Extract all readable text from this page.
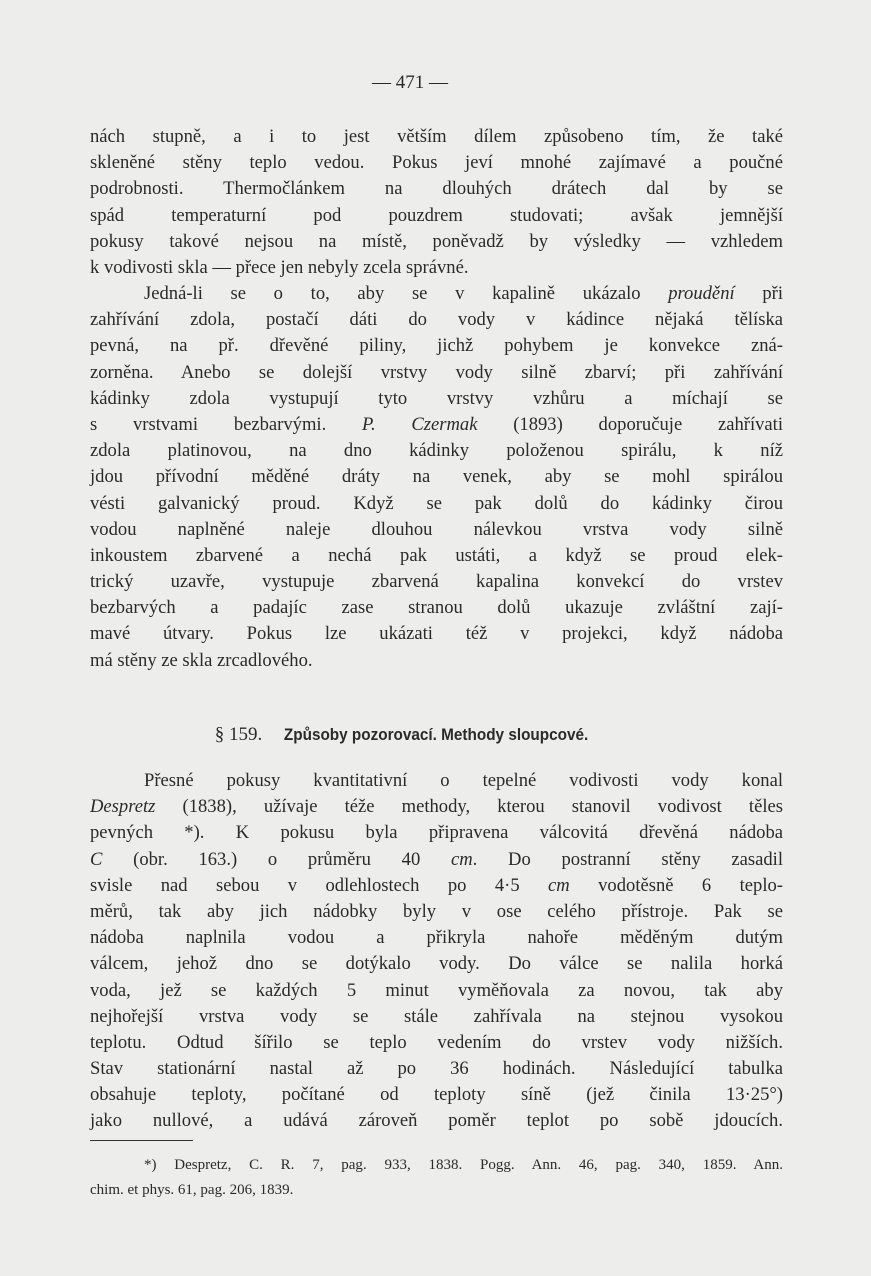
— 471 —
nách stupně, a i to jest větším dílem způsobeno tím, že také
skleněné stěny teplo vedou. Pokus jeví mnohé zajímavé a poučné
podrobnosti. Thermočlánkem na dlouhých drátech dal by se
spád temperaturní pod pouzdrem studovati; avšak jemnější
pokusy takové nejsou na místě, poněvadž by výsledky — vzhledem
k vodivosti skla — přece jen nebyly zcela správné.
Jedná-li se o to, aby se v kapalině ukázalo proudění při
zahřívání zdola, postačí dáti do vody v kádince nějaká tělíska
pevná, na př. dřevěné piliny, jichž pohybem je konvekce zná-
zorněna. Anebo se dolejší vrstvy vody silně zbarví; při zahřívání
kádinky zdola vystupují tyto vrstvy vzhůru a míchají se
s vrstvami bezbarvými. P. Czermak (1893) doporučuje zahřívati
zdola platinovou, na dno kádinky položenou spirálu, k níž
jdou přívodní měděné dráty na venek, aby se mohl spirálou
vésti galvanický proud. Když se pak dolů do kádinky čirou
vodou naplněné naleje dlouhou nálevkou vrstva vody silně
inkoustem zbarvené a nechá pak ustáti, a když se proud elek-
trický uzavře, vystupuje zbarvená kapalina konvekcí do vrstev
bezbarvých a padajíc zase stranou dolů ukazuje zvláštní zají-
mavé útvary. Pokus lze ukázati též v projekci, když nádoba
má stěny ze skla zrcadlového.
§ 159. Způsoby pozorovací. Methody sloupcové.
Přesné pokusy kvantitativní o tepelné vodivosti vody konal
Despretz (1838), užívaje téže methody, kterou stanovil vodivost těles
pevných *). K pokusu byla připravena válcovitá dřevěná nádoba
C (obr. 163.) o průměru 40 cm. Do postranní stěny zasadil
svisle nad sebou v odlehlostech po 4·5 cm vodotěsně 6 teplo-
měrů, tak aby jich nádobky byly v ose celého přístroje. Pak se
nádoba naplnila vodou a přikryla nahoře měděným dutým
válcem, jehož dno se dotýkalo vody. Do válce se nalila horká
voda, jež se každých 5 minut vyměňovala za novou, tak aby
nejhořejší vrstva vody se stále zahřívala na stejnou vysokou
teplotu. Odtud šířilo se teplo vedením do vrstev vody nižších.
Stav stationární nastal až po 36 hodinách. Následující tabulka
obsahuje teploty, počítané od teploty síně (jež činila 13·25°)
jako nullové, a udává zároveň poměr teplot po sobě jdoucích.
*) Despretz, C. R. 7, pag. 933, 1838. Pogg. Ann. 46, pag. 340, 1859. Ann.
chim. et phys. 61, pag. 206, 1839.
